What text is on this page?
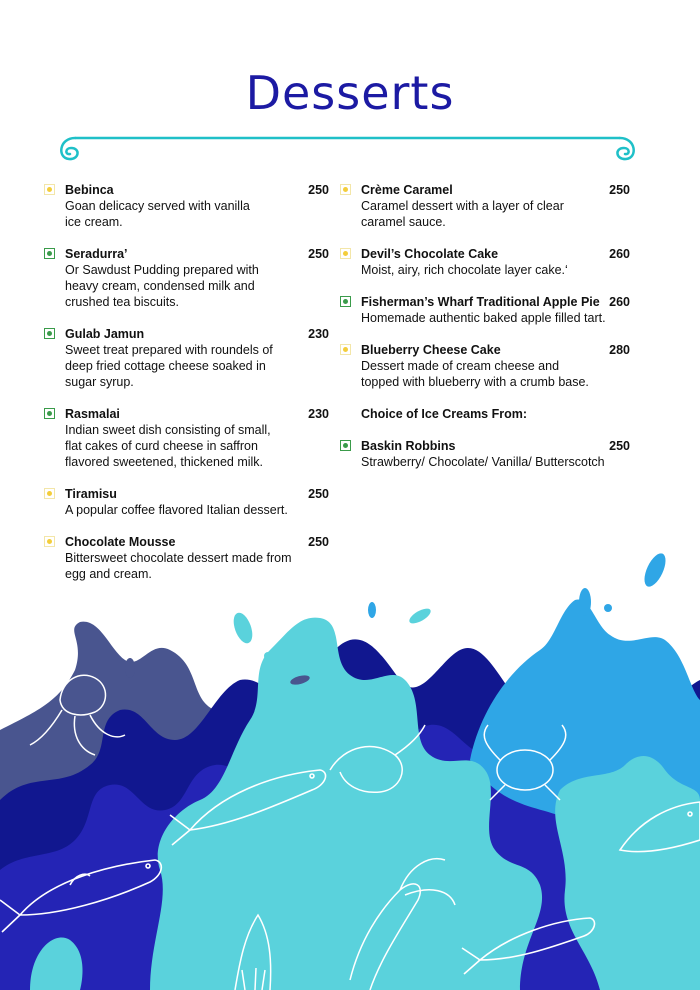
Desserts
Bebinca	250
Goan delicacy served with vanilla
ice cream.
Seradurra’	250
Or Sawdust Pudding prepared with
heavy cream, condensed milk and
crushed tea biscuits.
Gulab Jamun	230
Sweet treat prepared with roundels of
deep fried cottage cheese soaked in
sugar syrup.
Rasmalai	230
Indian sweet dish consisting of small,
flat cakes of curd cheese in saffron
flavored sweetened, thickened milk.
Tiramisu	250
A popular coffee flavored Italian dessert.
Chocolate Mousse	250
Bittersweet chocolate dessert made from
egg and cream.
Crème Caramel	250
Caramel dessert with a layer of clear
caramel sauce.
Devil’s Chocolate Cake	260
Moist, airy, rich chocolate layer cake.‘
Fisherman’s Wharf Traditional Apple Pie 260
Homemade authentic baked apple filled tart.
Blueberry Cheese Cake	280
Dessert made of cream cheese and
topped with blueberry with a crumb base.
Choice of Ice Creams From:
Baskin Robbins	250
Strawberry/ Chocolate/ Vanilla/ Butterscotch
